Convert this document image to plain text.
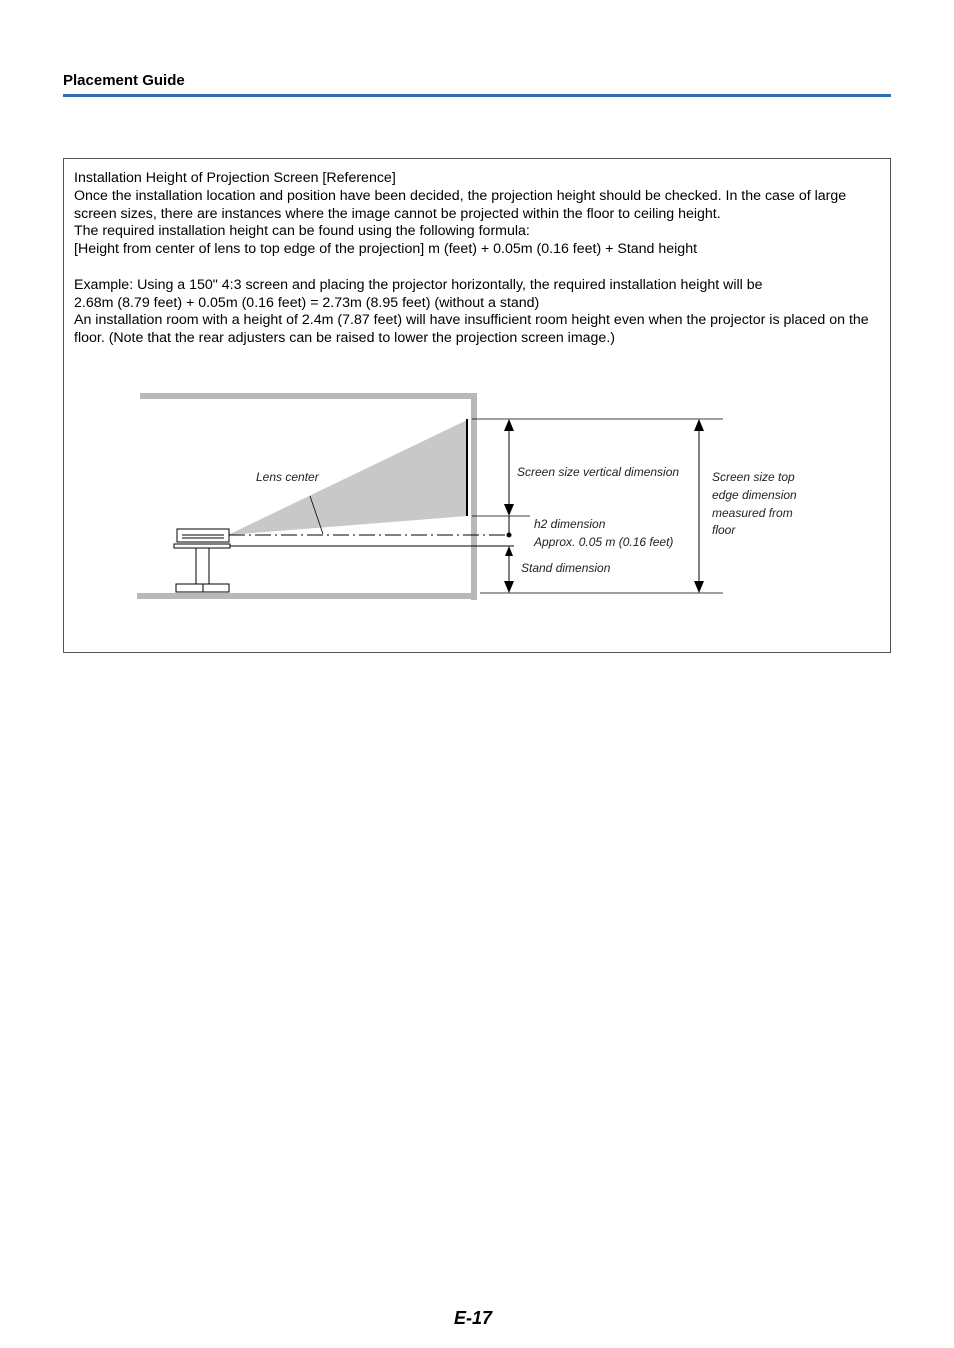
Placement Guide

Installation Height of Projection Screen [Reference]

Once the installation location and position have been decided, the projection height should be checked. In the case of large screen sizes, there are instances where the image cannot be projected within the floor to ceiling height.

The required installation height can be found using the following formula:

[Height from center of lens to top edge of the projection] m (feet) + 0.05m (0.16 feet) + Stand height

Example: Using a 150" 4:3 screen and placing the projector horizontally, the required installation height will be

2.68m (8.79 feet) + 0.05m (0.16 feet) = 2.73m (8.95 feet) (without a stand)

An installation room with a height of 2.4m (7.87 feet) will have insufficient room height even when the projector is placed on the floor. (Note that the rear adjusters can be raised to lower the projection screen image.)

Lens center	Screen size vertical dimension	Screen size top
edge dimension
measured from
floor
h2 dimension
Approx. 0.05 m (0.16 feet)
Stand dimension

E-17
